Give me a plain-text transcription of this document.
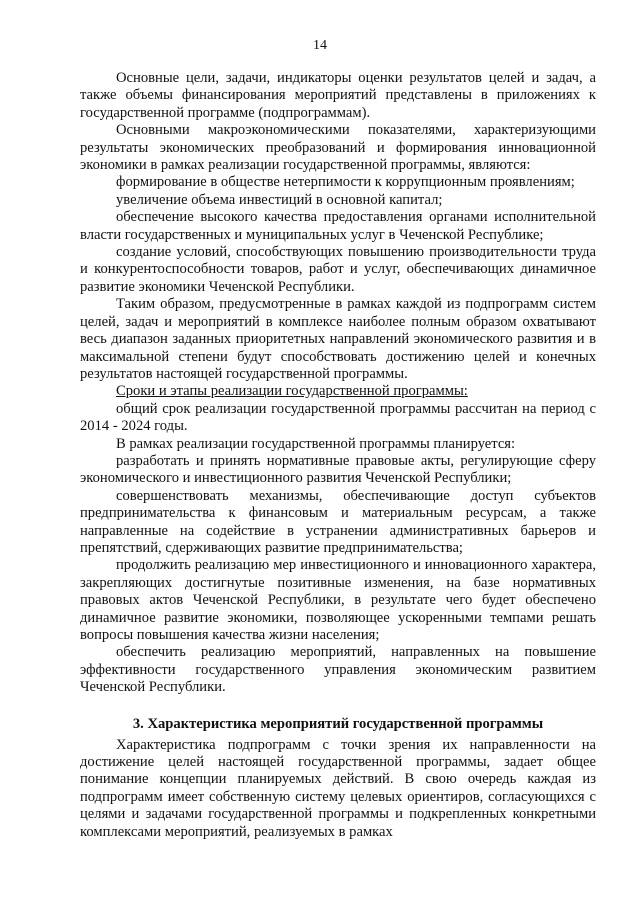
14

Основные цели, задачи, индикаторы оценки результатов целей и задач, а также объемы финансирования мероприятий представлены в приложениях к государственной программе (подпрограммам).

Основными макроэкономическими показателями, характеризующими результаты экономических преобразований и формирования инновационной экономики в рамках реализации государственной программы, являются:

формирование в обществе нетерпимости к коррупционным проявлениям;

увеличение объема инвестиций в основной капитал;

обеспечение высокого качества предоставления органами исполнительной власти государственных и муниципальных услуг в Чеченской Республике;

создание условий, способствующих повышению производительности труда и конкурентоспособности товаров, работ и услуг, обеспечивающих динамичное развитие экономики Чеченской Республики.

Таким образом, предусмотренные в рамках каждой из подпрограмм систем целей, задач и мероприятий в комплексе наиболее полным образом охватывают весь диапазон заданных приоритетных направлений экономического развития и в максимальной степени будут способствовать достижению целей и конечных результатов настоящей государственной программы.

Сроки и этапы реализации государственной программы:

общий срок реализации государственной программы рассчитан на период с 2014 - 2024 годы.

В рамках реализации государственной программы планируется:

разработать и принять нормативные правовые акты, регулирующие сферу экономического и инвестиционного развития Чеченской Республики;

совершенствовать механизмы, обеспечивающие доступ субъектов предпринимательства к финансовым и материальным ресурсам, а также направленные на содействие в устранении административных барьеров и препятствий, сдерживающих развитие предпринимательства;

продолжить реализацию мер инвестиционного и инновационного характера, закрепляющих достигнутые позитивные изменения, на базе нормативных правовых актов Чеченской Республики, в результате чего будет обеспечено динамичное развитие экономики, позволяющее ускоренными темпами решать вопросы повышения качества жизни населения;

обеспечить реализацию мероприятий, направленных на повышение эффективности государственного управления экономическим развитием Чеченской Республики.

3. Характеристика мероприятий государственной программы

Характеристика подпрограмм с точки зрения их направленности на достижение целей настоящей государственной программы, задает общее понимание концепции планируемых действий. В свою очередь каждая из подпрограмм имеет собственную систему целевых ориентиров, согласующихся с целями и задачами государственной программы и подкрепленных конкретными комплексами мероприятий, реализуемых в рамках
